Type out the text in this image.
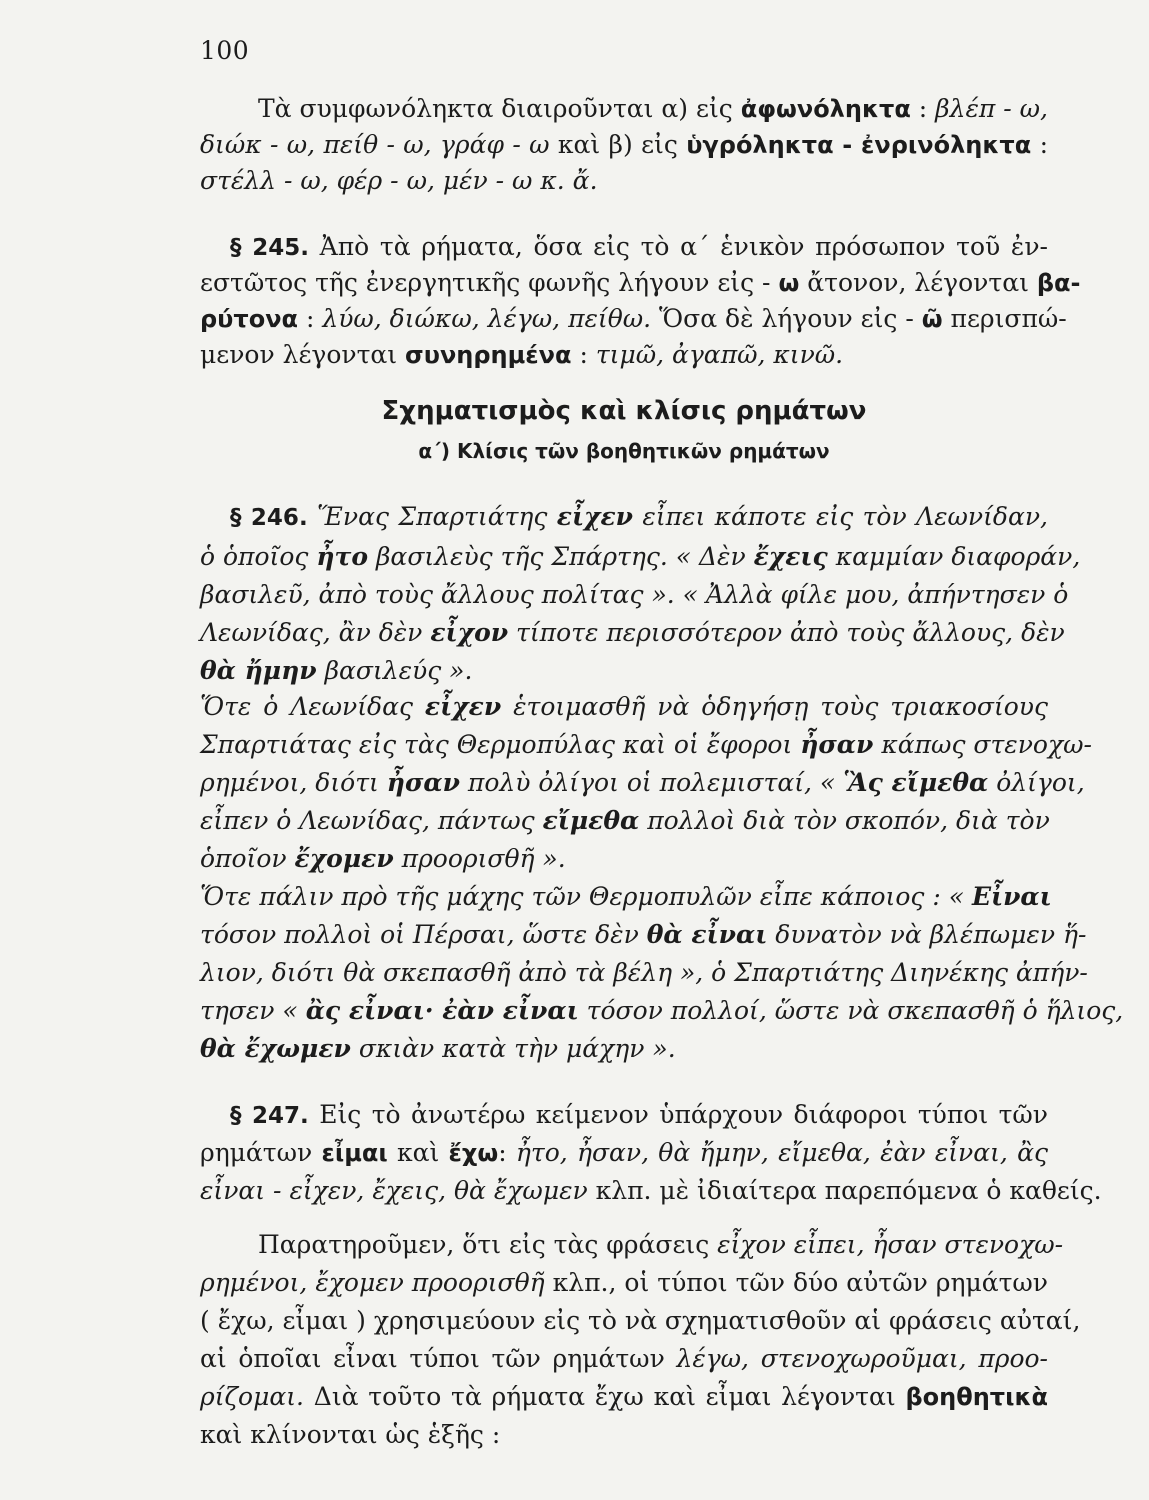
100
Τὰ συμφωνόληκτα διαιροῦνται α) εἰς ἀφωνόληκτα : βλέπ - ω,
διώκ - ω, πείθ - ω, γράφ - ω καὶ β) εἰς ὑγρόληκτα - ἐνρινόληκτα :
στέλλ - ω, φέρ - ω, μέν - ω κ. ἄ.
§ 245. Ἀπὸ τὰ ρήματα, ὅσα εἰς τὸ α΄ ἑνικὸν πρόσωπον τοῦ ἐν-
εστῶτος τῆς ἐνεργητικῆς φωνῆς λήγουν εἰς - ω ἄτονον, λέγονται βα-
ρύτονα : λύω, διώκω, λέγω, πείθω. Ὅσα δὲ λήγουν εἰς - ῶ περισπώ-
μενον λέγονται συνηρημένα : τιμῶ, ἀγαπῶ, κινῶ.
Σχηματισμὸς καὶ κλίσις ρημάτων
α΄) Κλίσις τῶν βοηθητικῶν ρημάτων
§ 246. Ἕνας Σπαρτιάτης εἶχεν εἶπει κάποτε εἰς τὸν Λεωνίδαν,
ὁ ὁποῖος ἦτο βασιλεὺς τῆς Σπάρτης. « Δὲν ἔχεις καμμίαν διαφοράν,
βασιλεῦ, ἀπὸ τοὺς ἄλλους πολίτας ». « Ἀλλὰ φίλε μου, ἀπήντησεν ὁ
Λεωνίδας, ἂν δὲν εἶχον τίποτε περισσότερον ἀπὸ τοὺς ἄλλους, δὲν
θὰ ἤμην βασιλεύς ».
Ὅτε ὁ Λεωνίδας εἶχεν ἑτοιμασθῆ νὰ ὁδηγήσῃ τοὺς τριακοσίους
Σπαρτιάτας εἰς τὰς Θερμοπύλας καὶ οἱ ἔφοροι ἦσαν κάπως στενοχω-
ρημένοι, διότι ἦσαν πολὺ ὀλίγοι οἱ πολεμισταί, « Ἃς εἴμεθα ὀλίγοι,
εἶπεν ὁ Λεωνίδας, πάντως εἴμεθα πολλοὶ διὰ τὸν σκοπόν, διὰ τὸν
ὁποῖον ἔχομεν προορισθῆ ».
Ὅτε πάλιν πρὸ τῆς μάχης τῶν Θερμοπυλῶν εἶπε κάποιος : « Εἶναι
τόσον πολλοὶ οἱ Πέρσαι, ὥστε δὲν θὰ εἶναι δυνατὸν νὰ βλέπωμεν ἥ-
λιον, διότι θὰ σκεπασθῆ ἀπὸ τὰ βέλη », ὁ Σπαρτιάτης Διηνέκης ἀπήν-
τησεν « ἂς εἶναι· ἐὰν εἶναι τόσον πολλοί, ὥστε νὰ σκεπασθῆ ὁ ἥλιος,
θὰ ἔχωμεν σκιὰν κατὰ τὴν μάχην ».
§ 247. Εἰς τὸ ἀνωτέρω κείμενον ὑπάρχουν διάφοροι τύποι τῶν
ρημάτων εἶμαι καὶ ἔχω: ἦτο, ἦσαν, θὰ ἤμην, εἴμεθα, ἐὰν εἶναι, ἂς
εἶναι - εἶχεν, ἔχεις, θὰ ἔχωμεν κλπ. μὲ ἰδιαίτερα παρεπόμενα ὁ καθείς.
Παρατηροῦμεν, ὅτι εἰς τὰς φράσεις εἶχον εἶπει, ἦσαν στενοχω-
ρημένοι, ἔχομεν προορισθῆ κλπ., οἱ τύποι τῶν δύο αὐτῶν ρημάτων
( ἔχω, εἶμαι ) χρησιμεύουν εἰς τὸ νὰ σχηματισθοῦν αἱ φράσεις αὐταί,
αἱ ὁποῖαι εἶναι τύποι τῶν ρημάτων λέγω, στενοχωροῦμαι, προο-
ρίζομαι. Διὰ τοῦτο τὰ ρήματα ἔχω καὶ εἶμαι λέγονται βοηθητικὰ
καὶ κλίνονται ὡς ἑξῆς :
